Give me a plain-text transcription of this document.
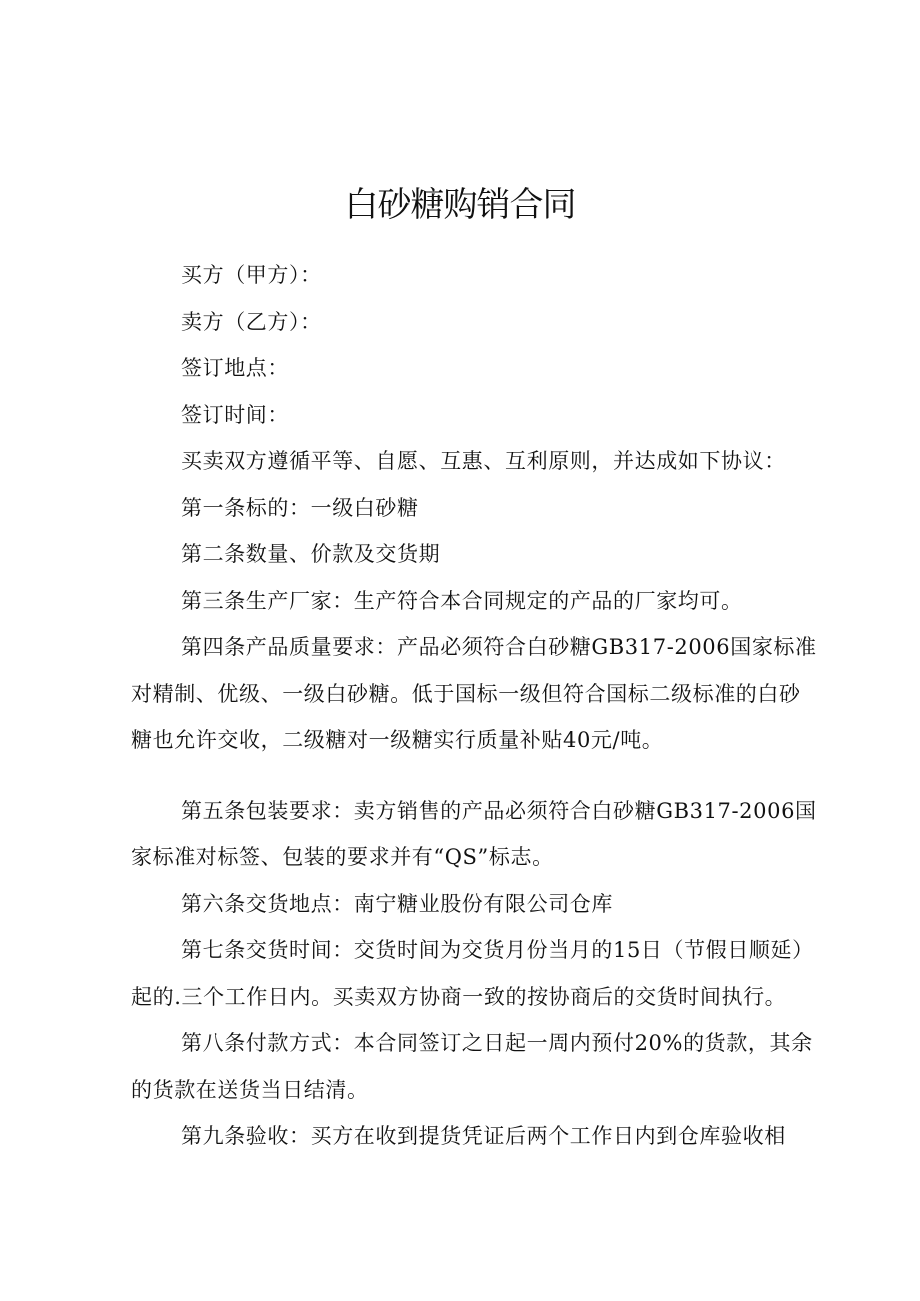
白砂糖购销合同

买方（甲方）：

卖方（乙方）：

签订地点：

签订时间：

买卖双方遵循平等、自愿、互惠、互利原则，并达成如下协议：

第一条标的：一级白砂糖

第二条数量、价款及交货期

第三条生产厂家：生产符合本合同规定的产品的厂家均可。

第四条产品质量要求：产品必须符合白砂糖GB317-2006国家标准

对精制、优级、一级白砂糖。低于国标一级但符合国标二级标准的白砂

糖也允许交收，二级糖对一级糖实行质量补贴40元/吨。

第五条包装要求：卖方销售的产品必须符合白砂糖GB317-2006国

家标准对标签、包装的要求并有“QS”标志。

第六条交货地点：南宁糖业股份有限公司仓库

第七条交货时间：交货时间为交货月份当月的15日（节假日顺延）

起的.三个工作日内。买卖双方协商一致的按协商后的交货时间执行。

第八条付款方式：本合同签订之日起一周内预付20%的货款，其余

的货款在送货当日结清。

第九条验收：买方在收到提货凭证后两个工作日内到仓库验收相
